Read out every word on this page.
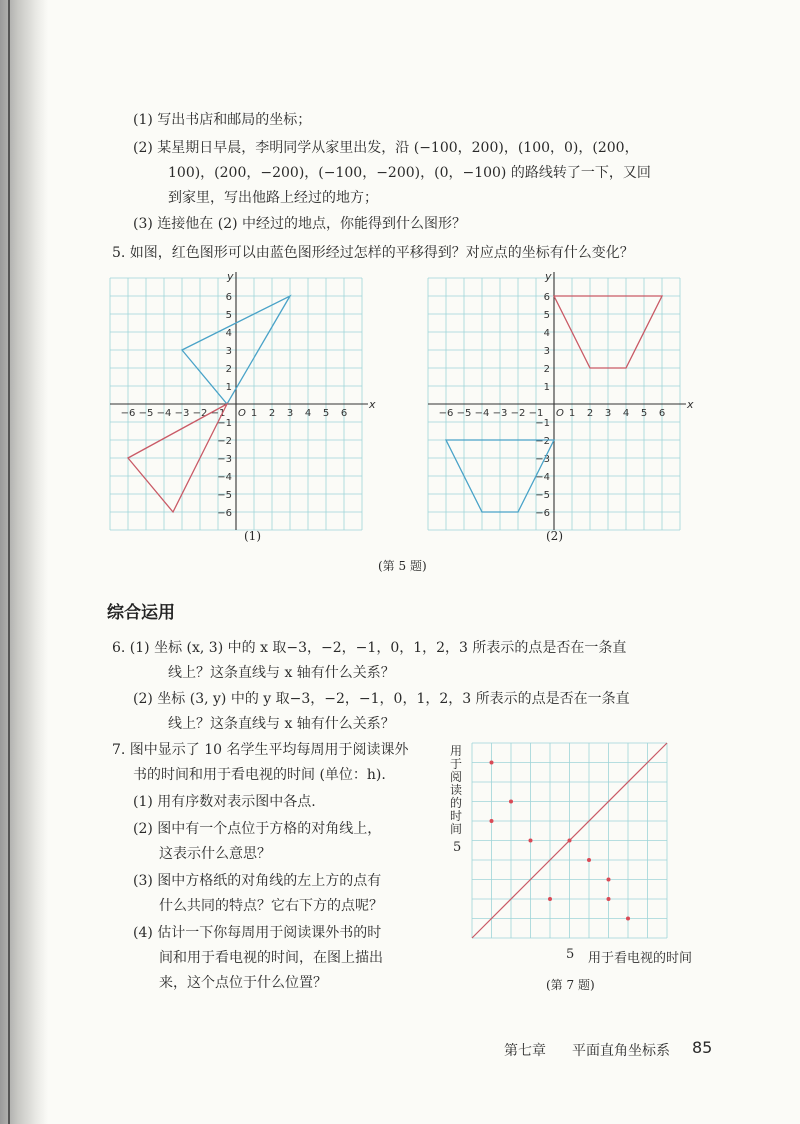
(1) 写出书店和邮局的坐标；
(2) 某星期日早晨，李明同学从家里出发，沿 (−100，200)，(100，0)，(200，
100)，(200，−200)，(−100，−200)，(0，−100) 的路线转了一下，又回
到家里，写出他路上经过的地方；
(3) 连接他在 (2) 中经过的地点，你能得到什么图形？
5. 如图，红色图形可以由蓝色图形经过怎样的平移得到？对应点的坐标有什么变化？
−6 −5 −4 −3 −2 −1	1 2 3 4 5 6
6
5
4
3
2
1
−1
−2
−3
−4
−5
−6
x
y
O	−6 −5 −4 −3 −2 −1	1 2 3 4 5 6
6
5
4
3
2
1
−1
−2
−3
−4
−5
−6
x
y
O
(1)	(2)
(第 5 题)
综合运用
6. (1) 坐标 (x, 3) 中的 x 取−3，−2，−1，0，1，2，3 所表示的点是否在一条直
线上？这条直线与 x 轴有什么关系？
(2) 坐标 (3, y) 中的 y 取−3，−2，−1，0，1，2，3 所表示的点是否在一条直
线上？这条直线与 x 轴有什么关系？
7. 图中显示了 10 名学生平均每周用于阅读课外
书的时间和用于看电视的时间 (单位：h).
(1) 用有序数对表示图中各点.
(2) 图中有一个点位于方格的对角线上，
这表示什么意思？
(3) 图中方格纸的对角线的左上方的点有
什么共同的特点？它右下方的点呢？
(4) 估计一下你每周用于阅读课外书的时
间和用于看电视的时间，在图上描出
来，这个点位于什么位置？
用于阅读的时间
5
5 用于看电视的时间
(第 7 题)
第七章 平面直角坐标系 85
